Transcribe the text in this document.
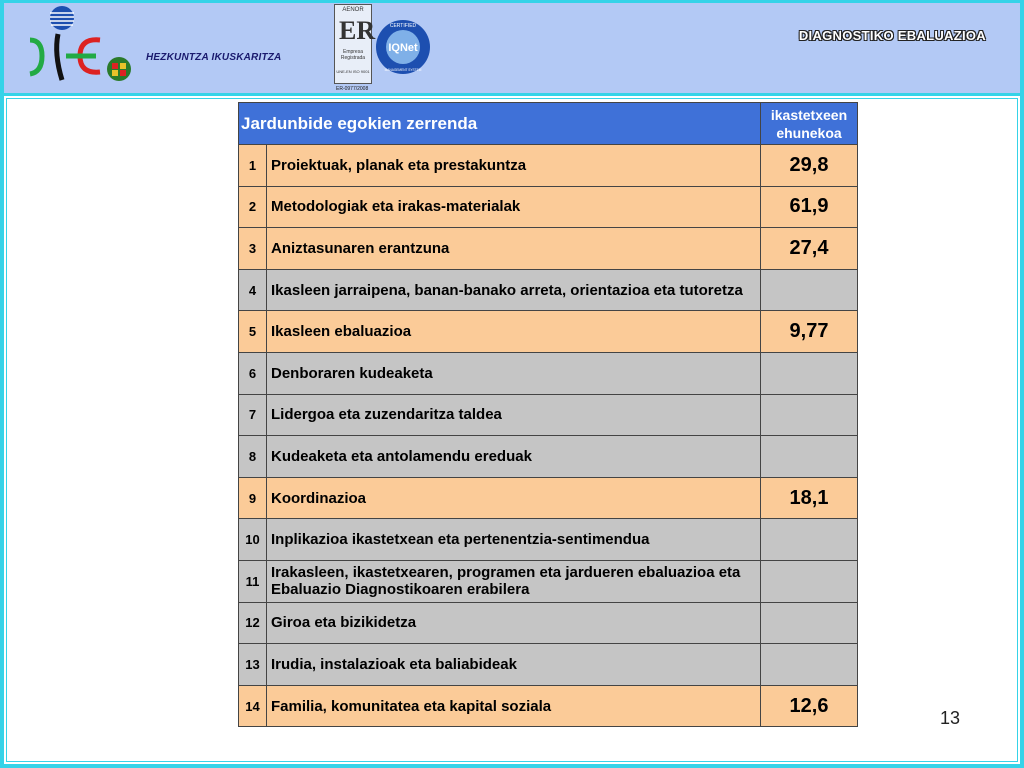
HEZKUNTZA IKUSKARITZA
AENOR
ER
Empresa Registrada
UNE-EN ISO 9001
ER-0977/2008
IQNet
CERTIFIED
MANAGEMENT SYSTEM
DIAGNOSTIKO EBALUAZIOA
Jardunbide egokien zerrenda		ikastetxeen
ehunekoa
1	Proiektuak, planak eta prestakuntza	29,8
2	Metodologiak eta irakas-materialak	61,9
3	Aniztasunaren erantzuna	27,4
4	Ikasleen jarraipena, banan-banako arreta, orientazioa eta tutoretza	
5	Ikasleen ebaluazioa	9,77
6	Denboraren kudeaketa	
7	Lidergoa eta zuzendaritza taldea	
8	Kudeaketa eta antolamendu ereduak	
9	Koordinazioa	18,1
10	Inplikazioa ikastetxean eta pertenentzia-sentimendua	
11	Irakasleen, ikastetxearen, programen eta jardueren ebaluazioa eta Ebaluazio Diagnostikoaren erabilera	
12	Giroa eta bizikidetza	
13	Irudia, instalazioak eta baliabideak	
14	Familia, komunitatea eta kapital soziala	12,6
13
